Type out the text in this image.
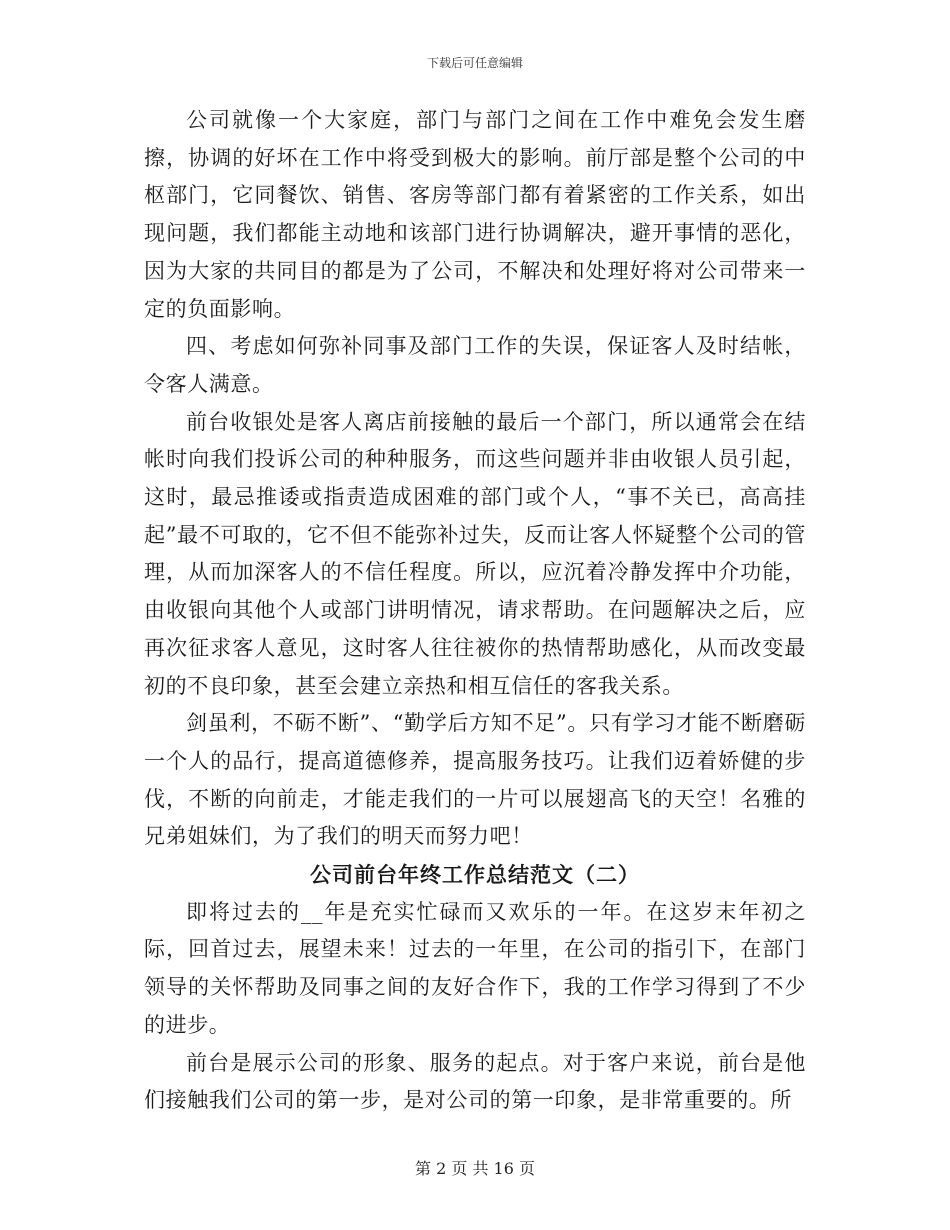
下载后可任意编辑

公司就像一个大家庭，部门与部门之间在工作中难免会发生磨擦，协调的好坏在工作中将受到极大的影响。前厅部是整个公司的中枢部门，它同餐饮、销售、客房等部门都有着紧密的工作关系，如出现问题，我们都能主动地和该部门进行协调解决，避开事情的恶化，因为大家的共同目的都是为了公司，不解决和处理好将对公司带来一定的负面影响。

四、考虑如何弥补同事及部门工作的失误，保证客人及时结帐，令客人满意。

前台收银处是客人离店前接触的最后一个部门，所以通常会在结帐时向我们投诉公司的种种服务，而这些问题并非由收银人员引起，这时，最忌推诿或指责造成困难的部门或个人，“事不关已，高高挂起”最不可取的，它不但不能弥补过失，反而让客人怀疑整个公司的管理，从而加深客人的不信任程度。所以，应沉着冷静发挥中介功能，由收银向其他个人或部门讲明情况，请求帮助。在问题解决之后，应再次征求客人意见，这时客人往往被你的热情帮助感化，从而改变最初的不良印象，甚至会建立亲热和相互信任的客我关系。

剑虽利，不砺不断”、“勤学后方知不足”。只有学习才能不断磨砺一个人的品行，提高道德修养，提高服务技巧。让我们迈着娇健的步伐，不断的向前走，才能走我们的一片可以展翅高飞的天空！名雅的兄弟姐妹们，为了我们的明天而努力吧！

公司前台年终工作总结范文（二）

即将过去的__年是充实忙碌而又欢乐的一年。在这岁末年初之际，回首过去，展望未来！过去的一年里，在公司的指引下，在部门领导的关怀帮助及同事之间的友好合作下，我的工作学习得到了不少的进步。

前台是展示公司的形象、服务的起点。对于客户来说，前台是他们接触我们公司的第一步，是对公司的第一印象，是非常重要的。所

第 2 页 共 16 页
